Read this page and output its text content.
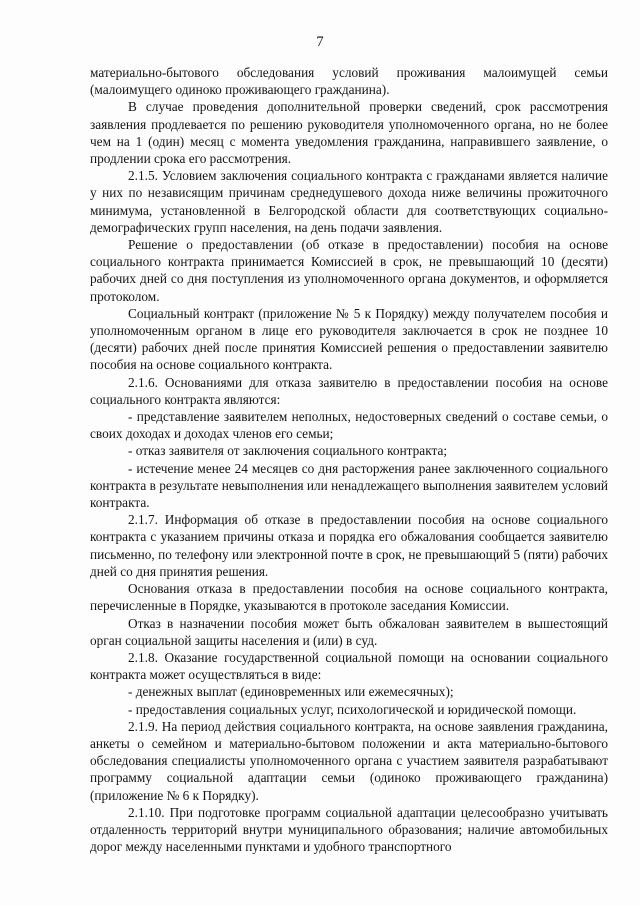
7

материально-бытового обследования условий проживания малоимущей семьи (малоимущего одиноко проживающего гражданина).

В случае проведения дополнительной проверки сведений, срок рассмотрения заявления продлевается по решению руководителя уполномоченного органа, но не более чем на 1 (один) месяц с момента уведомления гражданина, направившего заявление, о продлении срока его рассмотрения.

2.1.5. Условием заключения социального контракта с гражданами является наличие у них по независящим причинам среднедушевого дохода ниже величины прожиточного минимума, установленной в Белгородской области для соответствующих социально-демографических групп населения, на день подачи заявления.

Решение о предоставлении (об отказе в предоставлении) пособия на основе социального контракта принимается Комиссией в срок, не превышающий 10 (десяти) рабочих дней со дня поступления из уполномоченного органа документов, и оформляется протоколом.

Социальный контракт (приложение № 5 к Порядку) между получателем пособия и уполномоченным органом в лице его руководителя заключается в срок не позднее 10 (десяти) рабочих дней после принятия Комиссией решения о предоставлении заявителю пособия на основе социального контракта.

2.1.6. Основаниями для отказа заявителю в предоставлении пособия на основе социального контракта являются:

- представление заявителем неполных, недостоверных сведений о составе семьи, о своих доходах и доходах членов его семьи;

- отказ заявителя от заключения социального контракта;

- истечение менее 24 месяцев со дня расторжения ранее заключенного социального контракта в результате невыполнения или ненадлежащего выполнения заявителем условий контракта.

2.1.7. Информация об отказе в предоставлении пособия на основе социального контракта с указанием причины отказа и порядка его обжалования сообщается заявителю письменно, по телефону или электронной почте в срок, не превышающий 5 (пяти) рабочих дней со дня принятия решения.

Основания отказа в предоставлении пособия на основе социального контракта, перечисленные в Порядке, указываются в протоколе заседания Комиссии.

Отказ в назначении пособия может быть обжалован заявителем в вышестоящий орган социальной защиты населения и (или) в суд.

2.1.8. Оказание государственной социальной помощи на основании социального контракта может осуществляться в виде:

- денежных выплат (единовременных или ежемесячных);

- предоставления социальных услуг, психологической и юридической помощи.

2.1.9. На период действия социального контракта, на основе заявления гражданина, анкеты о семейном и материально-бытовом положении и акта материально-бытового обследования специалисты уполномоченного органа с участием заявителя разрабатывают программу социальной адаптации семьи (одиноко проживающего гражданина) (приложение № 6 к Порядку).

2.1.10. При подготовке программ социальной адаптации целесообразно учитывать отдаленность территорий внутри муниципального образования; наличие автомобильных дорог между населенными пунктами и удобного транспортного
